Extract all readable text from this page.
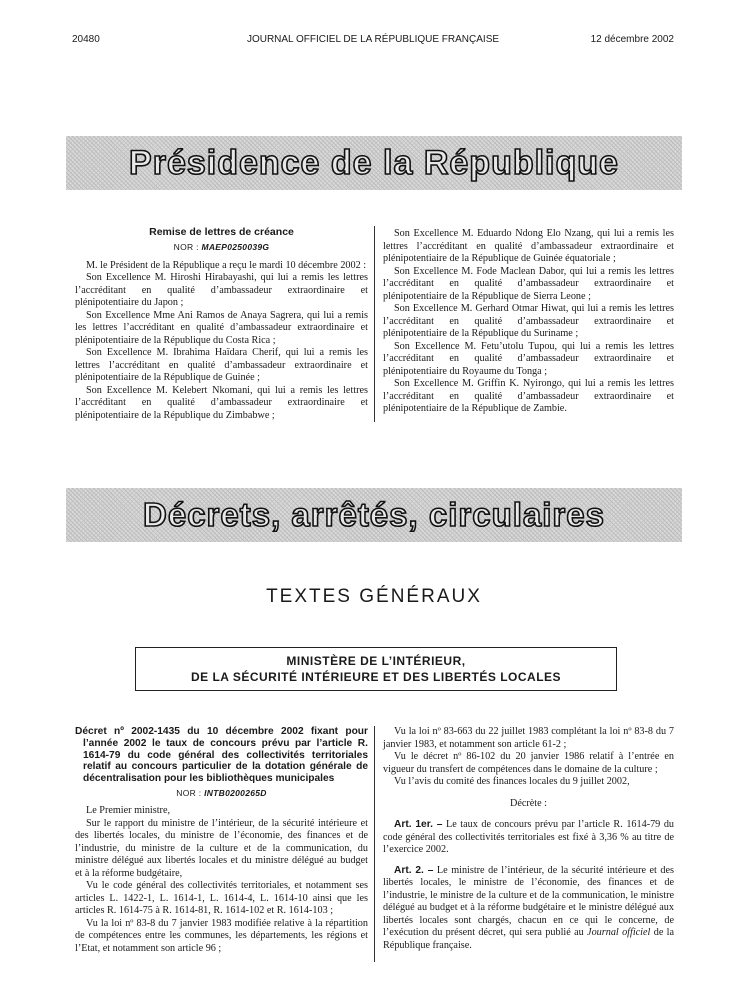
20480	JOURNAL OFFICIEL DE LA RÉPUBLIQUE FRANÇAISE	12 décembre 2002
Présidence de la République
Remise de lettres de créance
NOR : MAEP0250039G

M. le Président de la République a reçu le mardi 10 décembre 2002 :

Son Excellence M. Hiroshi Hirabayashi, qui lui a remis les lettres l’accréditant en qualité d’ambassadeur extraordinaire et plénipotentiaire du Japon ;

Son Excellence Mme Ani Ramos de Anaya Sagrera, qui lui a remis les lettres l’accréditant en qualité d’ambassadeur extraordinaire et plénipotentiaire de la République du Costa Rica ;

Son Excellence M. Ibrahima Haïdara Cherif, qui lui a remis les lettres l’accréditant en qualité d’ambassadeur extraordinaire et plénipotentiaire de la République de Guinée ;

Son Excellence M. Kelebert Nkomani, qui lui a remis les lettres l’accréditant en qualité d’ambassadeur extraordinaire et plénipotentiaire de la République du Zimbabwe ;

Son Excellence M. Eduardo Ndong Elo Nzang, qui lui a remis les lettres l’accréditant en qualité d’ambassadeur extraordinaire et plénipotentiaire de la République de Guinée équatoriale ;

Son Excellence M. Fode Maclean Dabor, qui lui a remis les lettres l’accréditant en qualité d’ambassadeur extraordinaire et plénipotentiaire de la République de Sierra Leone ;

Son Excellence M. Gerhard Otmar Hiwat, qui lui a remis les lettres l’accréditant en qualité d’ambassadeur extraordinaire et plénipotentiaire de la République du Suriname ;

Son Excellence M. Fetu’utolu Tupou, qui lui a remis les lettres l’accréditant en qualité d’ambassadeur extraordinaire et plénipotentiaire du Royaume du Tonga ;

Son Excellence M. Griffin K. Nyirongo, qui lui a remis les lettres l’accréditant en qualité d’ambassadeur extraordinaire et plénipotentiaire de la République de Zambie.

Décrets, arrêtés, circulaires
TEXTES GÉNÉRAUX
MINISTÈRE DE L’INTÉRIEUR,
DE LA SÉCURITÉ INTÉRIEURE ET DES LIBERTÉS LOCALES
Décret nº 2002-1435 du 10 décembre 2002 fixant pour l’année 2002 le taux de concours prévu par l’article R. 1614-79 du code général des collectivités territoriales relatif au concours particulier de la dotation générale de décentralisation pour les bibliothèques municipales
NOR : INTB0200265D

Le Premier ministre,

Sur le rapport du ministre de l’intérieur, de la sécurité intérieure et des libertés locales, du ministre de l’économie, des finances et de l’industrie, du ministre de la culture et de la communication, du ministre délégué aux libertés locales et du ministre délégué au budget et à la réforme budgétaire,

Vu le code général des collectivités territoriales, et notamment ses articles L. 1422-1, L. 1614-1, L. 1614-4, L. 1614-10 ainsi que les articles R. 1614-75 à R. 1614-81, R. 1614-102 et R. 1614-103 ;

Vu la loi nº 83-8 du 7 janvier 1983 modifiée relative à la répartition de compétences entre les communes, les départements, les régions et l’Etat, et notamment son article 96 ;

Vu la loi nº 83-663 du 22 juillet 1983 complétant la loi nº 83-8 du 7 janvier 1983, et notamment son article 61-2 ;

Vu le décret nº 86-102 du 20 janvier 1986 relatif à l’entrée en vigueur du transfert de compétences dans le domaine de la culture ;

Vu l’avis du comité des finances locales du 9 juillet 2002,

Décrète :

Art. 1er. – Le taux de concours prévu par l’article R. 1614-79 du code général des collectivités territoriales est fixé à 3,36 % au titre de l’exercice 2002.

Art. 2. – Le ministre de l’intérieur, de la sécurité intérieure et des libertés locales, le ministre de l’économie, des finances et de l’industrie, le ministre de la culture et de la communication, le ministre délégué au budget et à la réforme budgétaire et le ministre délégué aux libertés locales sont chargés, chacun en ce qui le concerne, de l’exécution du présent décret, qui sera publié au Journal officiel de la République française.
